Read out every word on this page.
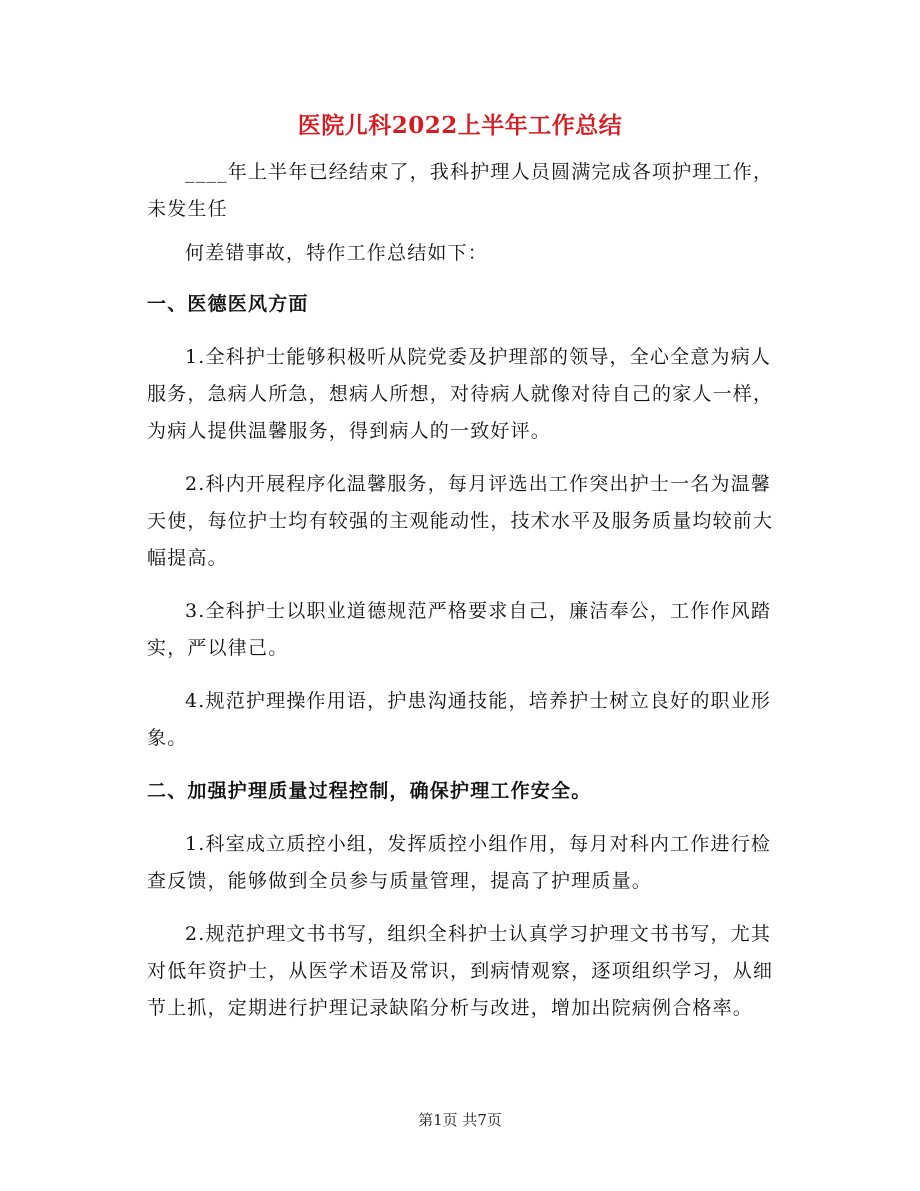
医院儿科2022上半年工作总结

____年上半年已经结束了，我科护理人员圆满完成各项护理工作，未发生任

何差错事故，特作工作总结如下：

一、医德医风方面

1.全科护士能够积极听从院党委及护理部的领导，全心全意为病人服务，急病人所急，想病人所想，对待病人就像对待自己的家人一样，为病人提供温馨服务，得到病人的一致好评。

2.科内开展程序化温馨服务，每月评选出工作突出护士一名为温馨天使，每位护士均有较强的主观能动性，技术水平及服务质量均较前大幅提高。

3.全科护士以职业道德规范严格要求自己，廉洁奉公，工作作风踏实，严以律己。

4.规范护理操作用语，护患沟通技能，培养护士树立良好的职业形象。

二、加强护理质量过程控制，确保护理工作安全。

1.科室成立质控小组，发挥质控小组作用，每月对科内工作进行检查反馈，能够做到全员参与质量管理，提高了护理质量。

2.规范护理文书书写，组织全科护士认真学习护理文书书写，尤其对低年资护士，从医学术语及常识，到病情观察，逐项组织学习，从细节上抓，定期进行护理记录缺陷分析与改进，增加出院病例合格率。

第1页 共7页
